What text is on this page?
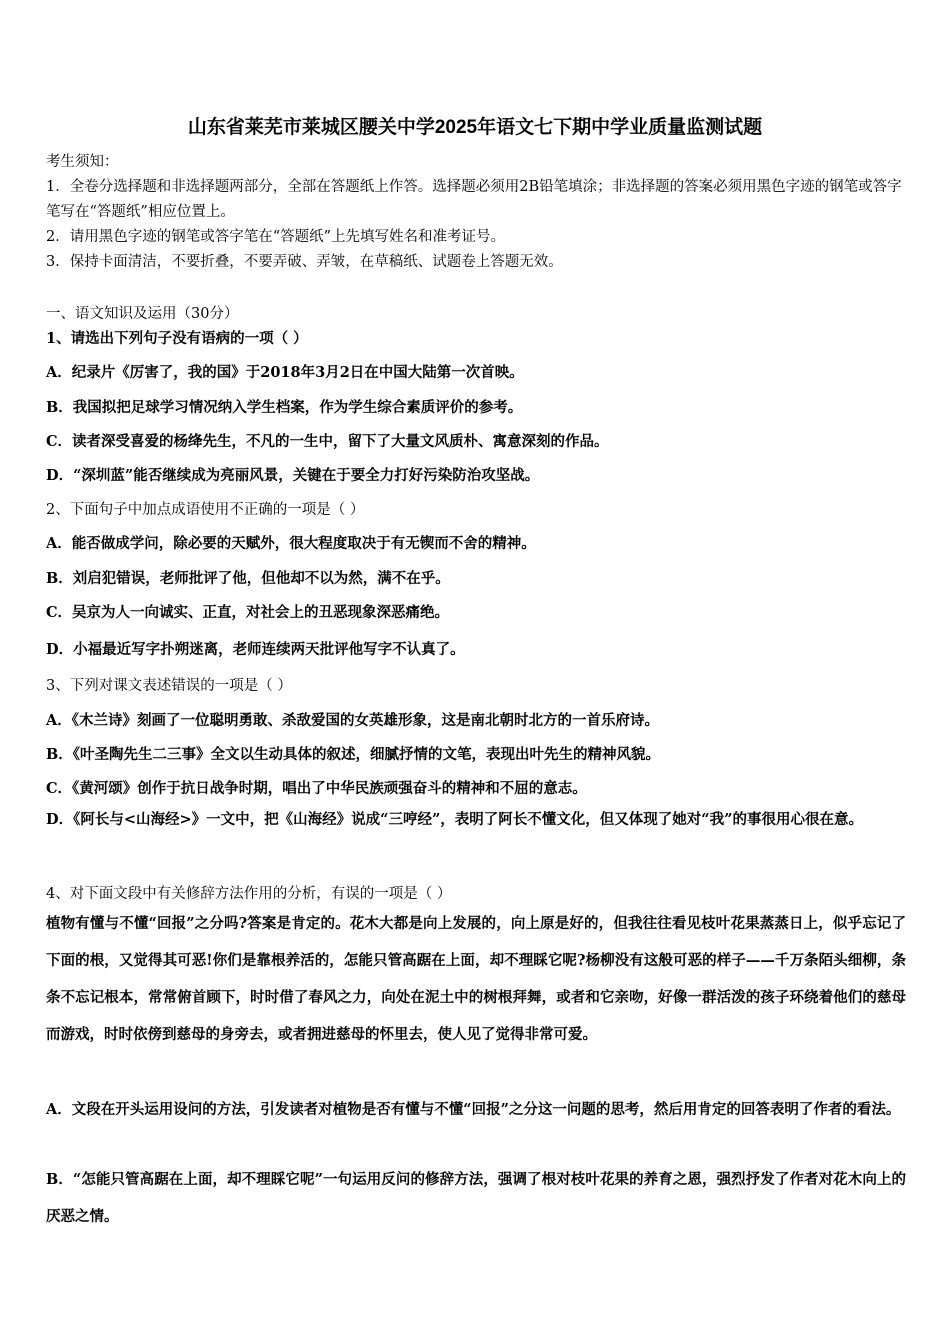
山东省莱芜市莱城区腰关中学2025年语文七下期中学业质量监测试题
考生须知：
1．全卷分选择题和非选择题两部分，全部在答题纸上作答。选择题必须用2B铅笔填涂；非选择题的答案必须用黑色字迹的钢笔或答字笔写在“答题纸”相应位置上。
2．请用黑色字迹的钢笔或答字笔在“答题纸”上先填写姓名和准考证号。
3．保持卡面清洁，不要折叠，不要弄破、弄皱，在草稿纸、试题卷上答题无效。
一、语文知识及运用（30分）
1、请选出下列句子没有语病的一项（ ）
A．纪录片《厉害了，我的国》于2018年3月2日在中国大陆第一次首映。
B．我国拟把足球学习情况纳入学生档案，作为学生综合素质评价的参考。
C．读者深受喜爱的杨绛先生，不凡的一生中，留下了大量文风质朴、寓意深刻的作品。
D．“深圳蓝”能否继续成为亮丽风景，关键在于要全力打好污染防治攻坚战。
2、下面句子中加点成语使用不正确的一项是（ ）
A．能否做成学问，除必要的天赋外，很大程度取决于有无锲而不舍的精神。
B．刘启犯错误，老师批评了他，但他却不以为然，满不在乎。
C．吴京为人一向诚实、正直，对社会上的丑恶现象深恶痛绝。
D．小福最近写字扑朔迷离，老师连续两天批评他写字不认真了。
3、下列对课文表述错误的一项是（ ）
A．《木兰诗》刻画了一位聪明勇敢、杀敌爱国的女英雄形象，这是南北朝时北方的一首乐府诗。
B．《叶圣陶先生二三事》全文以生动具体的叙述，细腻抒情的文笔，表现出叶先生的精神风貌。
C．《黄河颂》创作于抗日战争时期，唱出了中华民族顽强奋斗的精神和不屈的意志。
D．《阿长与<山海经>》一文中，把《山海经》说成“三哼经”，表明了阿长不懂文化，但又体现了她对“我”的事很用心很在意。
4、对下面文段中有关修辞方法作用的分析，有误的一项是（ ）
植物有懂与不懂“回报”之分吗?答案是肯定的。花木大都是向上发展的，向上原是好的，但我往往看见枝叶花果蒸蒸日上，似乎忘记了下面的根，又觉得其可恶!你们是靠根养活的，怎能只管高踞在上面，却不理睬它呢?杨柳没有这般可恶的样子——千万条陌头细柳，条条不忘记根本，常常俯首顾下，时时借了春风之力，向处在泥土中的树根拜舞，或者和它亲吻，好像一群活泼的孩子环绕着他们的慈母而游戏，时时依傍到慈母的身旁去，或者拥进慈母的怀里去，使人见了觉得非常可爱。
A．文段在开头运用设问的方法，引发读者对植物是否有懂与不懂“回报”之分这一问题的思考，然后用肯定的回答表明了作者的看法。
B．“怎能只管高踞在上面，却不理睬它呢”一句运用反问的修辞方法，强调了根对枝叶花果的养育之恩，强烈抒发了作者对花木向上的厌恶之情。
